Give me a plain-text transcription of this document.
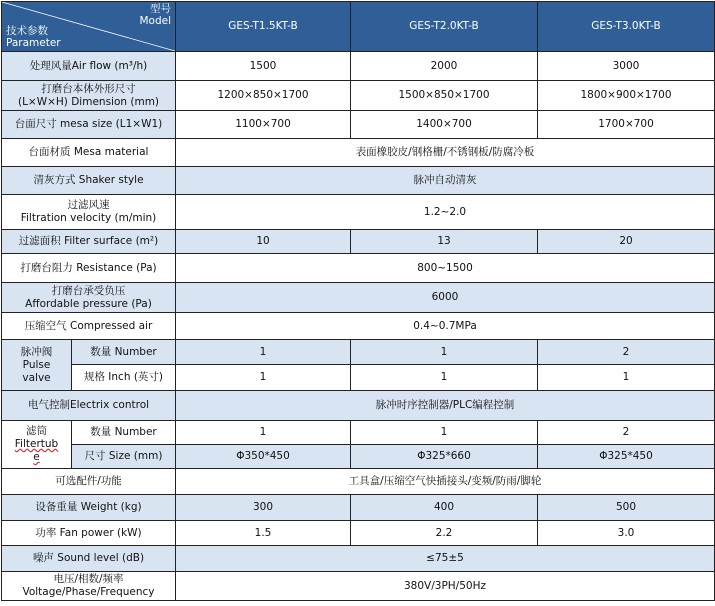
型号
Model
技术参数
Parameter		GES-T1.5KT-B	GES-T2.0KT-B	GES-T3.0KT-B
处理风量Air flow (m³/h)		1500	2000	3000

打磨台本体外形尺寸
(L×W×H) Dimension (mm)		1200×850×1700	1500×850×1700	1800×900×1700
台面尺寸 mesa size (L1×W1)		1100×700	1400×700	1700×700
台面材质 Mesa material		表面橡胶皮/钢格栅/不锈钢板/防腐冷板		
清灰方式 Shaker style		脉冲自动清灰		

过滤风速
Filtration velocity (m/min)		1.2~2.0		
过滤面积 Filter surface (m²)		10	13	20
打磨台阻力 Resistance (Pa)		800~1500		

打磨台承受负压
Affordable pressure (Pa)		6000		
压缩空气 Compressed air		0.4~0.7MPa		

脉冲阀
Pulse
valve	数量 Number	1	1	2
	规格 Inch (英寸)	1	1	1
电气控制Electrix control		脉冲时序控制器/PLC编程控制		

滤筒
Filtertub
e	数量 Number	1	1	2
	尺寸 Size (mm)	Φ350*450	Φ325*660	Φ325*450
可选配件/功能		工具盒/压缩空气快插接头/变频/防雨/脚轮		
设备重量 Weight (kg)		300	400	500
功率 Fan power (kW)		1.5	2.2	3.0
噪声 Sound level (dB)		≤75±5		

电压/相数/频率
Voltage/Phase/Frequency		380V/3PH/50Hz		
